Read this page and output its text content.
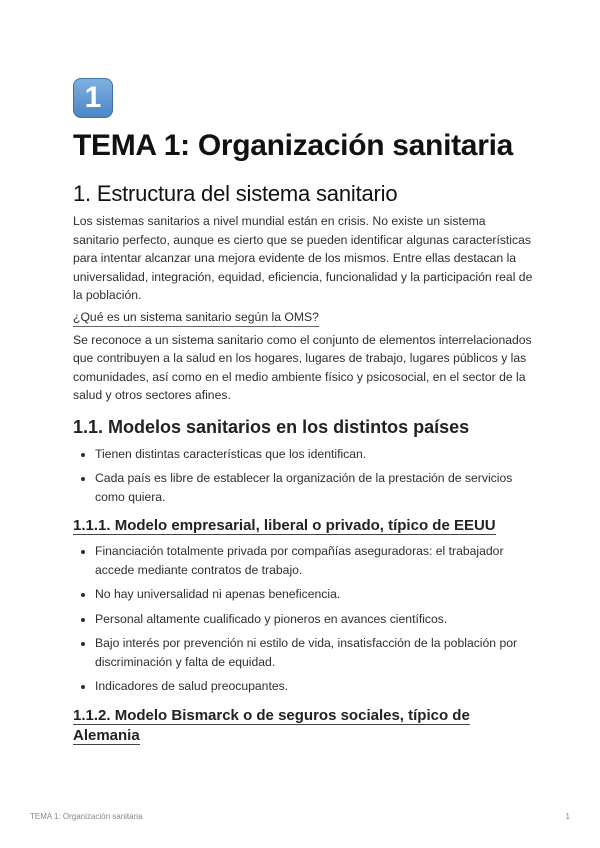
1
TEMA 1: Organización sanitaria
1. Estructura del sistema sanitario

Los sistemas sanitarios a nivel mundial están en crisis. No existe un sistema sanitario perfecto, aunque es cierto que se pueden identificar algunas características para intentar alcanzar una mejora evidente de los mismos. Entre ellas destacan la universalidad, integración, equidad, eficiencia, funcionalidad y la participación real de la población.

¿Qué es un sistema sanitario según la OMS?

Se reconoce a un sistema sanitario como el conjunto de elementos interrelacionados que contribuyen a la salud en los hogares, lugares de trabajo, lugares públicos y las comunidades, así como en el medio ambiente físico y psicosocial, en el sector de la salud y otros sectores afines.

1.1. Modelos sanitarios en los distintos países
• Tienen distintas características que los identifican.
• Cada país es libre de establecer la organización de la prestación de servicios como quiera.
1.1.1. Modelo empresarial, liberal o privado, típico de EEUU
• Financiación totalmente privada por compañías aseguradoras: el trabajador accede mediante contratos de trabajo.
• No hay universalidad ni apenas beneficencia.
• Personal altamente cualificado y pioneros en avances científicos.
• Bajo interés por prevención ni estilo de vida, insatisfacción de la población por discriminación y falta de equidad.
• Indicadores de salud preocupantes.
1.1.2. Modelo Bismarck o de seguros sociales, típico de Alemania
TEMA 1: Organización sanitaria	1
